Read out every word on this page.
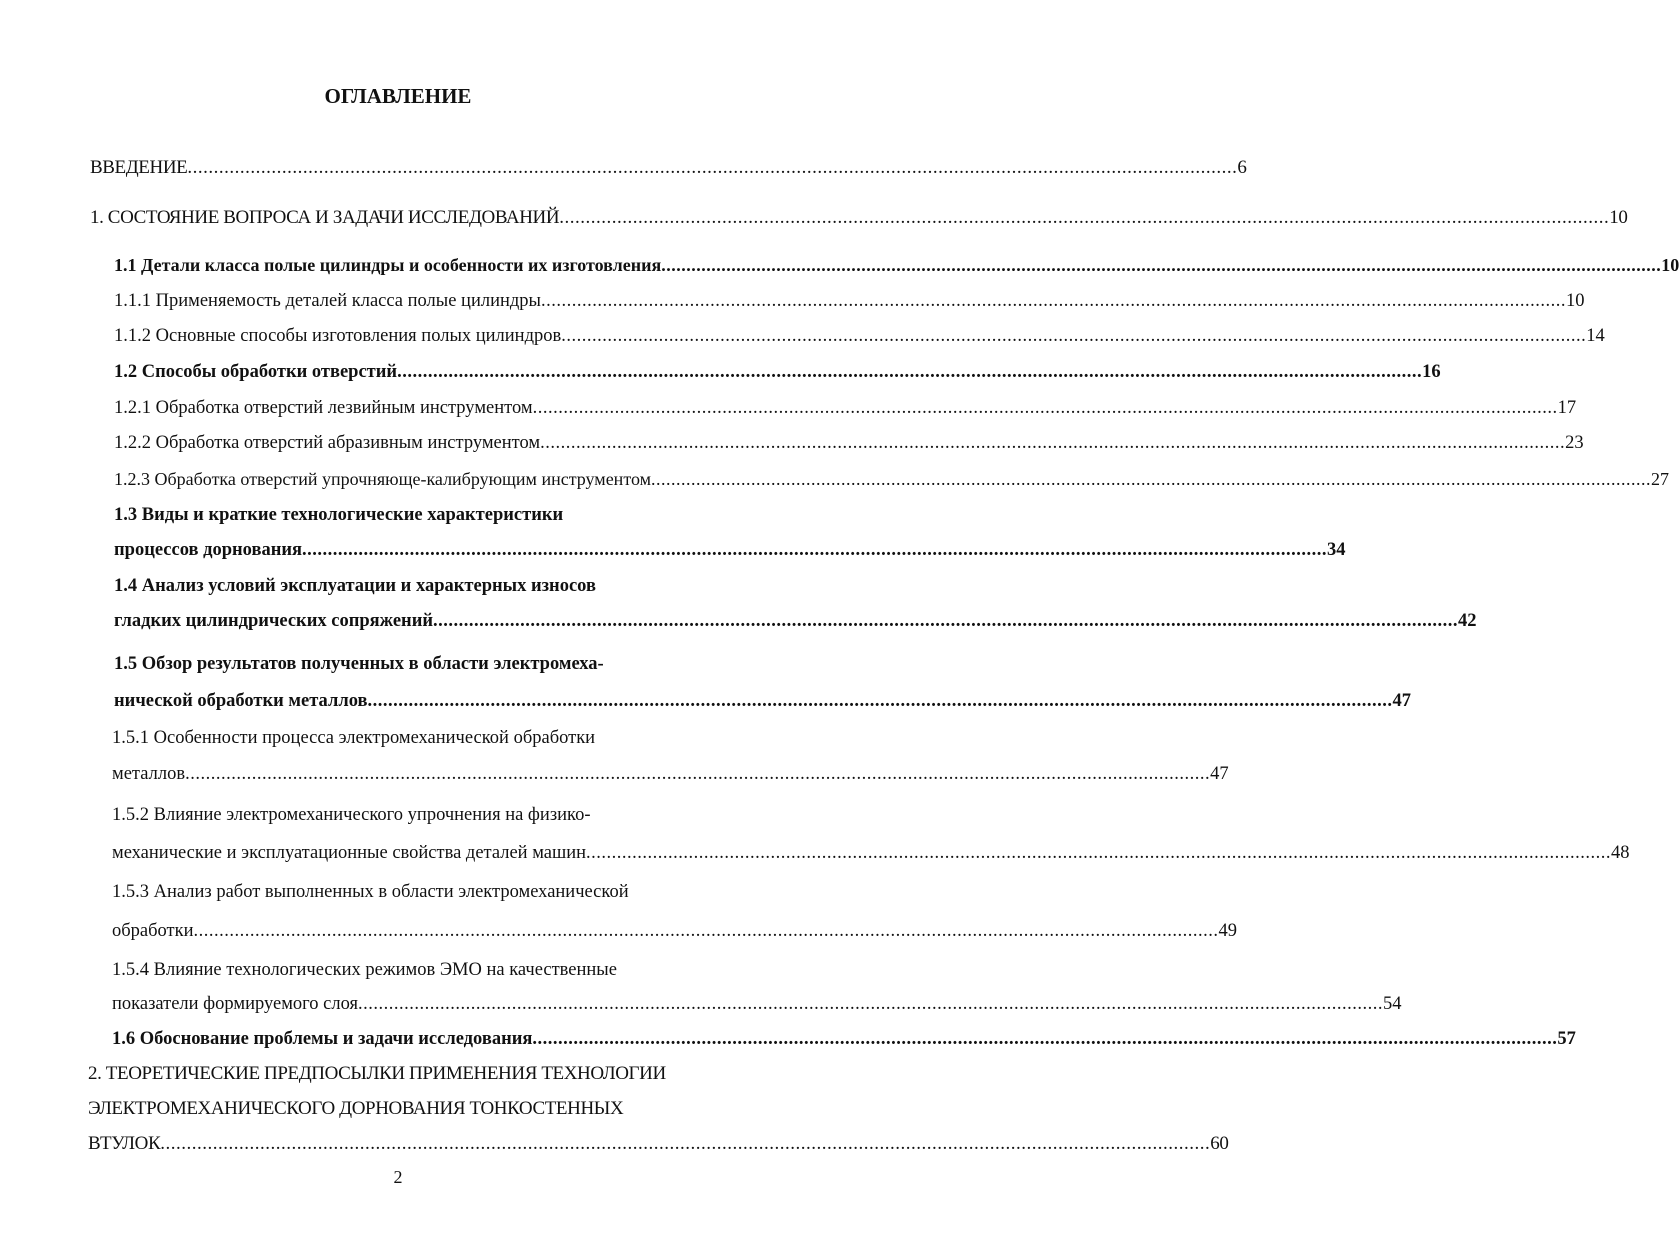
ОГЛАВЛЕНИЕ
ВВЕДЕНИЕ ........................................................................................................................................................................................................ 6
1. СОСТОЯНИЕ ВОПРОСА И ЗАДАЧИ ИССЛЕДОВАНИЙ ........................................................................................................................................................................................................ 10
1.1 Детали класса полые цилиндры и особенности их изготовления ........................................................................................................................................................................................................ 10
1.1.1 Применяемость деталей класса полые цилиндры ........................................................................................................................................................................................................ 10
1.1.2 Основные способы изготовления полых цилиндров ........................................................................................................................................................................................................ 14
1.2 Способы обработки отверстий ........................................................................................................................................................................................................ 16
1.2.1 Обработка отверстий лезвийным инструментом ........................................................................................................................................................................................................ 17
1.2.2 Обработка отверстий абразивным инструментом ........................................................................................................................................................................................................ 23
1.2.3 Обработка отверстий упрочняюще-калибрующим инструментом ........................................................................................................................................................................................................ 27
1.3 Виды и краткие технологические характеристики
процессов дорнования ........................................................................................................................................................................................................ 34
1.4 Анализ условий эксплуатации и характерных износов
гладких цилиндрических сопряжений ........................................................................................................................................................................................................ 42
1.5 Обзор результатов полученных в области электромеха-
нической обработки металлов ........................................................................................................................................................................................................ 47
1.5.1 Особенности процесса электромеханической обработки
металлов ........................................................................................................................................................................................................ 47
1.5.2 Влияние электромеханического упрочнения на физико-
механические и эксплуатационные свойства деталей машин ........................................................................................................................................................................................................ 48
1.5.3 Анализ работ выполненных в области электромеханической
обработки ........................................................................................................................................................................................................ 49
1.5.4 Влияние технологических режимов ЭМО на качественные
показатели формируемого слоя ........................................................................................................................................................................................................ 54
1.6 Обоснование проблемы и задачи исследования ........................................................................................................................................................................................................ 57
2. ТЕОРЕТИЧЕСКИЕ ПРЕДПОСЫЛКИ ПРИМЕНЕНИЯ ТЕХНОЛОГИИ
ЭЛЕКТРОМЕХАНИЧЕСКОГО ДОРНОВАНИЯ ТОНКОСТЕННЫХ
ВТУЛОК ........................................................................................................................................................................................................ 60
2
